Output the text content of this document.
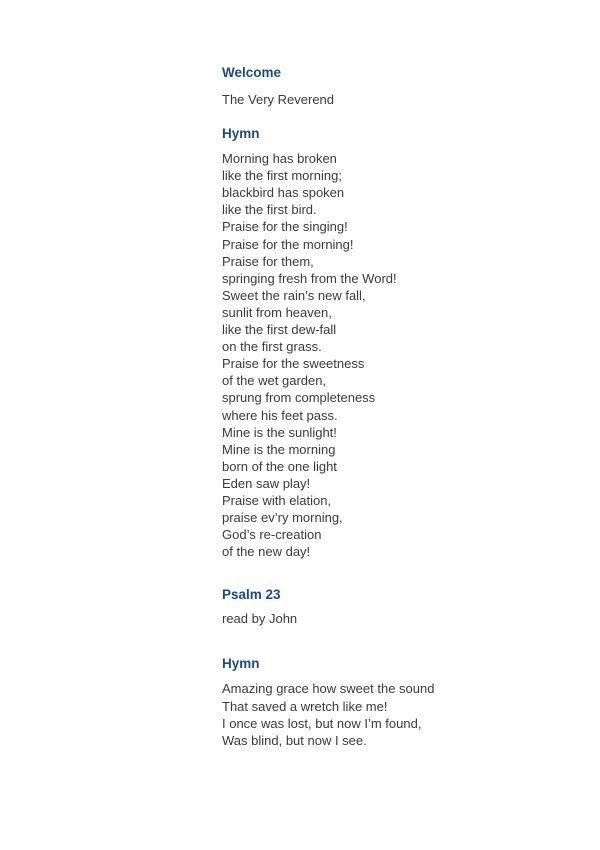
Welcome

The Very Reverend

Hymn
Morning has broken
like the first morning;
blackbird has spoken
like the first bird.
Praise for the singing!
Praise for the morning!
Praise for them,
springing fresh from the Word!
Sweet the rain’s new fall,
sunlit from heaven,
like the first dew-fall
on the first grass.
Praise for the sweetness
of the wet garden,
sprung from completeness
where his feet pass.
Mine is the sunlight!
Mine is the morning
born of the one light
Eden saw play!
Praise with elation,
praise ev’ry morning,
God’s re-creation
of the new day!
Psalm 23

read by John

Hymn
Amazing grace how sweet the sound
That saved a wretch like me!
I once was lost, but now I’m found,
Was blind, but now I see.
